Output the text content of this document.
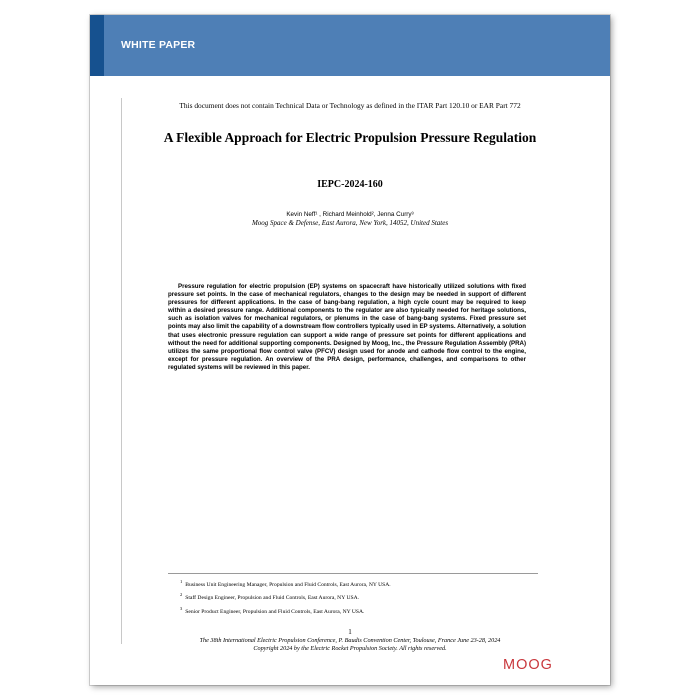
WHITE PAPER
This document does not contain Technical Data or Technology as defined in the ITAR Part 120.10 or EAR Part 772
A Flexible Approach for Electric Propulsion Pressure Regulation
IEPC-2024-160
Kevin Neff¹ , Richard Meinhold², Jenna Curry³
Moog Space & Defense, East Aurora, New York, 14052, United States
Pressure regulation for electric propulsion (EP) systems on spacecraft have historically utilized solutions with fixed pressure set points. In the case of mechanical regulators, changes to the design may be needed in support of different pressures for different applications. In the case of bang-bang regulation, a high cycle count may be required to keep within a desired pressure range. Additional components to the regulator are also typically needed for heritage solutions, such as isolation valves for mechanical regulators, or plenums in the case of bang-bang systems. Fixed pressure set points may also limit the capability of a downstream flow controllers typically used in EP systems. Alternatively, a solution that uses electronic pressure regulation can support a wide range of pressure set points for different applications and without the need for additional supporting components. Designed by Moog, Inc., the Pressure Regulation Assembly (PRA) utilizes the same proportional flow control valve (PFCV) design used for anode and cathode flow control to the engine, except for pressure regulation. An overview of the PRA design, performance, challenges, and comparisons to other regulated systems will be reviewed in this paper.
$^1$Business Unit Engineering Manager, Propulsion and Fluid Controls, East Aurora, NY USA.
$^2$Staff Design Engineer, Propulsion and Fluid Controls, East Aurora, NY USA.
$^3$Senior Product Engineer, Propulsion and Fluid Controls, East Aurora, NY USA.
1
The 38th International Electric Propulsion Conference, P. Baudis Convention Center, Toulouse, France June 23-28, 2024
Copyright 2024 by the Electric Rocket Propulsion Society. All rights reserved.
MOOG
